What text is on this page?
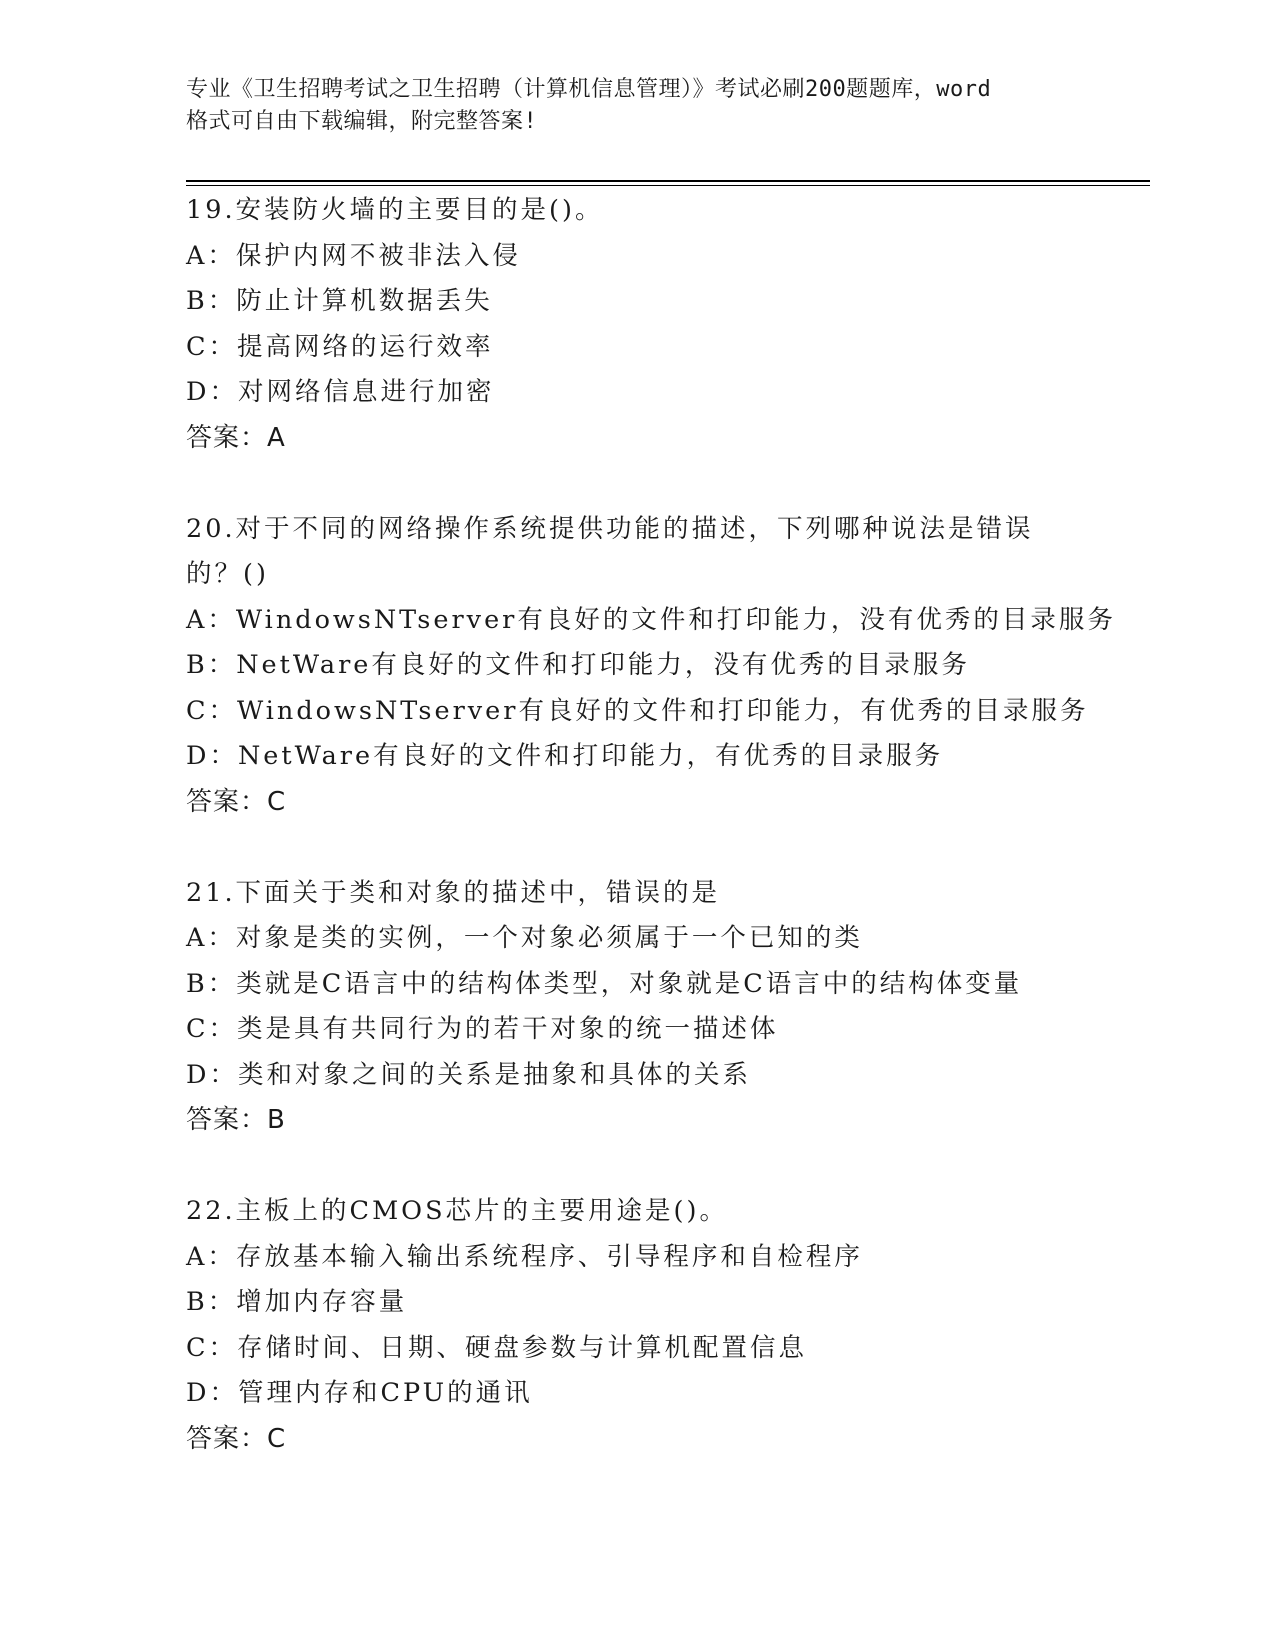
专业《卫生招聘考试之卫生招聘（计算机信息管理）》考试必刷200题题库，word
格式可自由下载编辑，附完整答案!
19.安装防火墙的主要目的是()。
A：保护内网不被非法入侵
B：防止计算机数据丢失
C：提高网络的运行效率
D：对网络信息进行加密
答案：A
20.对于不同的网络操作系统提供功能的描述，下列哪种说法是错误的？()
A：WindowsNTserver有良好的文件和打印能力，没有优秀的目录服务
B：NetWare有良好的文件和打印能力，没有优秀的目录服务
C：WindowsNTserver有良好的文件和打印能力，有优秀的目录服务
D：NetWare有良好的文件和打印能力，有优秀的目录服务
答案：C
21.下面关于类和对象的描述中，错误的是
A：对象是类的实例，一个对象必须属于一个已知的类
B：类就是C语言中的结构体类型，对象就是C语言中的结构体变量
C：类是具有共同行为的若干对象的统一描述体
D：类和对象之间的关系是抽象和具体的关系
答案：B
22.主板上的CMOS芯片的主要用途是()。
A：存放基本输入输出系统程序、引导程序和自检程序
B：增加内存容量
C：存储时间、日期、硬盘参数与计算机配置信息
D：管理内存和CPU的通讯
答案：C
